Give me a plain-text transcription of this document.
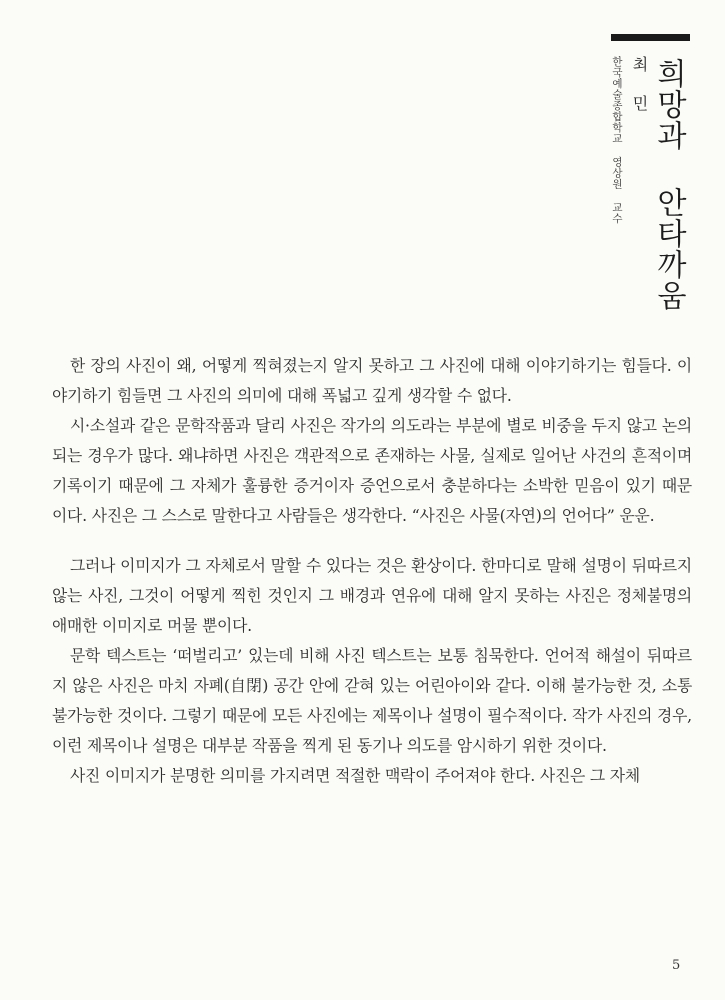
희망과 안타까움
최 민
한국예술종합학교 영상원 교수

한 장의 사진이 왜, 어떻게 찍혀졌는지 알지 못하고 그 사진에 대해 이야기하기는 힘들다. 이야기하기 힘들면 그 사진의 의미에 대해 폭넓고 깊게 생각할 수 없다.

시·소설과 같은 문학작품과 달리 사진은 작가의 의도라는 부분에 별로 비중을 두지 않고 논의되는 경우가 많다. 왜냐하면 사진은 객관적으로 존재하는 사물, 실제로 일어난 사건의 흔적이며 기록이기 때문에 그 자체가 훌륭한 증거이자 증언으로서 충분하다는 소박한 믿음이 있기 때문이다. 사진은 그 스스로 말한다고 사람들은 생각한다. “사진은 사물(자연)의 언어다” 운운.

그러나 이미지가 그 자체로서 말할 수 있다는 것은 환상이다. 한마디로 말해 설명이 뒤따르지 않는 사진, 그것이 어떻게 찍힌 것인지 그 배경과 연유에 대해 알지 못하는 사진은 정체불명의 애매한 이미지로 머물 뿐이다.

문학 텍스트는 ‘떠벌리고’ 있는데 비해 사진 텍스트는 보통 침묵한다. 언어적 해설이 뒤따르지 않은 사진은 마치 자폐(自閉) 공간 안에 갇혀 있는 어린아이와 같다. 이해 불가능한 것, 소통 불가능한 것이다. 그렇기 때문에 모든 사진에는 제목이나 설명이 필수적이다. 작가 사진의 경우, 이런 제목이나 설명은 대부분 작품을 찍게 된 동기나 의도를 암시하기 위한 것이다.

사진 이미지가 분명한 의미를 가지려면 적절한 맥락이 주어져야 한다. 사진은 그 자체

5
